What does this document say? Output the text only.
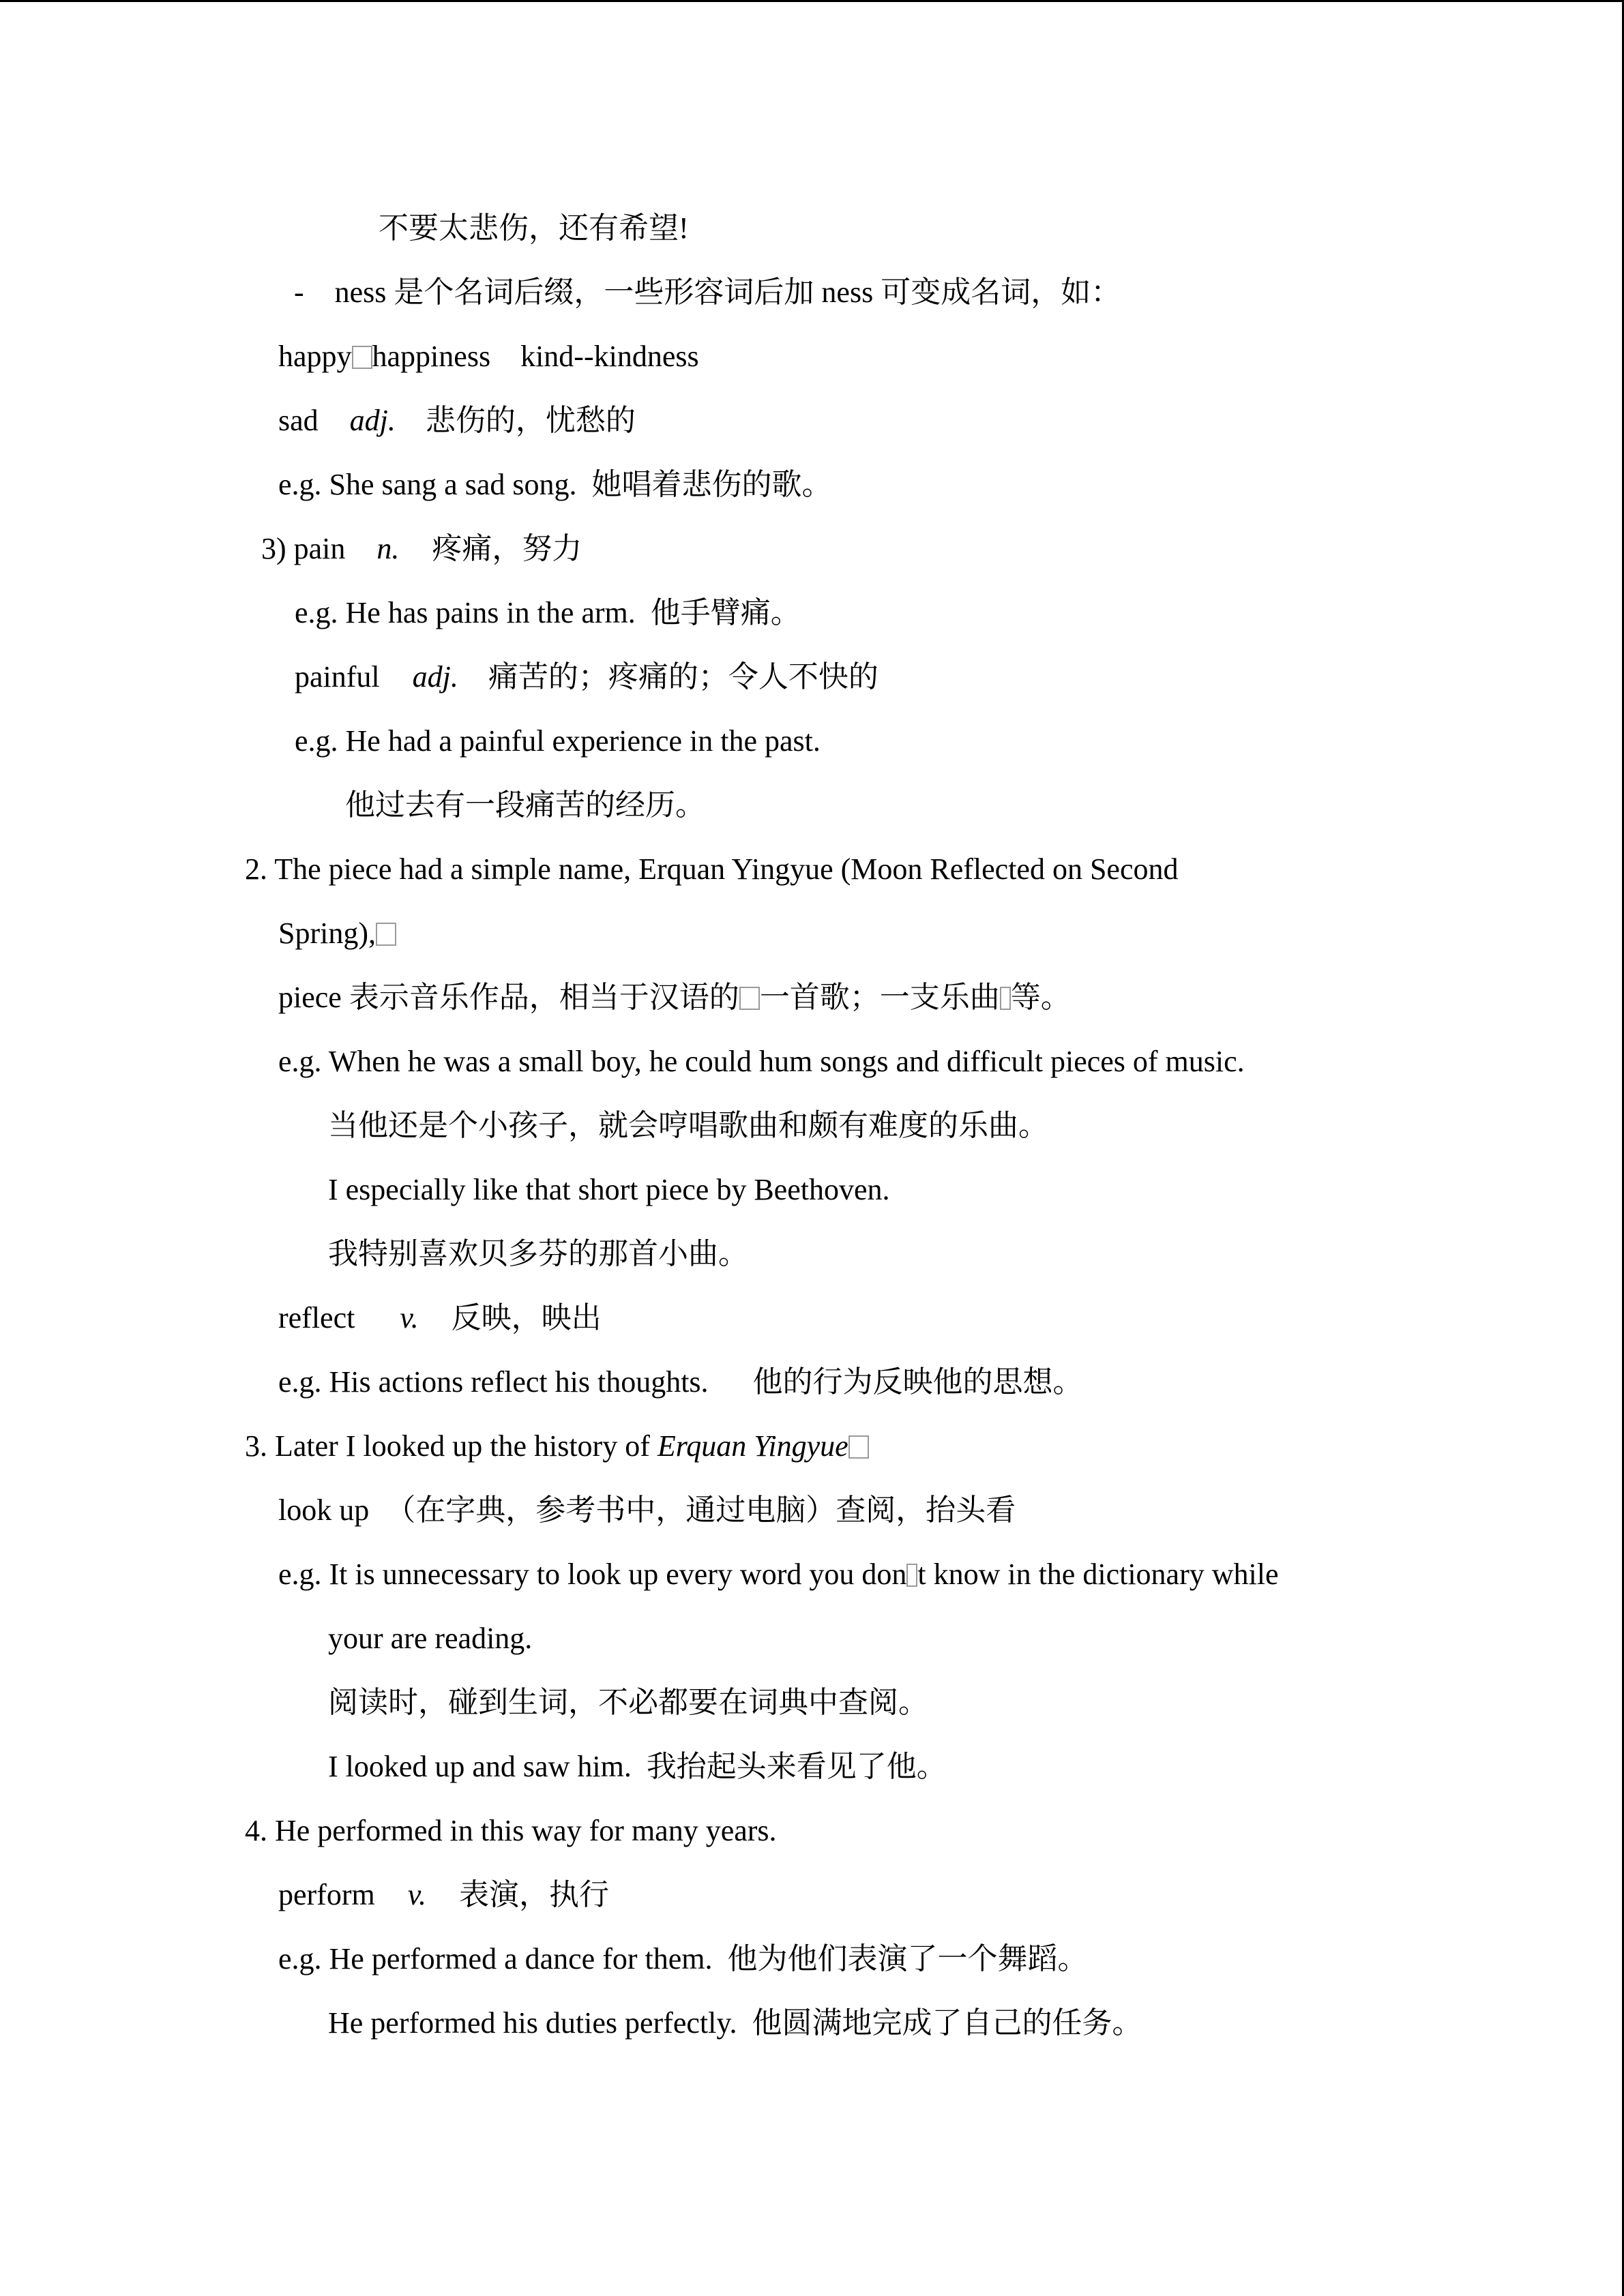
不要太悲伤，还有希望!
- ness 是个名词后缀，一些形容词后加 ness 可变成名词，如：
happy happiness kind--kindness
sad adj. 悲伤的，忧愁的
e.g. She sang a sad song.  她唱着悲伤的歌。
3) pain n. 疼痛，努力
e.g. He has pains in the arm.  他手臂痛。
painful adj. 痛苦的；疼痛的；令人不快的
e.g. He had a painful experience in the past.
他过去有一段痛苦的经历。
2. The piece had a simple name, Erquan Yingyue (Moon Reflected on Second
Spring),
piece 表示音乐作品，相当于汉语的 一首歌；一支乐曲 等。
e.g. When he was a small boy, he could hum songs and difficult pieces of music.
当他还是个小孩子，就会哼唱歌曲和颇有难度的乐曲。
I especially like that short piece by Beethoven.
我特别喜欢贝多芬的那首小曲。
reflect v. 反映，映出
e.g. His actions reflect his thoughts. 他的行为反映他的思想。
3. Later I looked up the history of Erquan Yingyue
look up （在字典，参考书中，通过电脑）查阅，抬头看
e.g. It is unnecessary to look up every word you don t know in the dictionary while
your are reading.
阅读时，碰到生词，不必都要在词典中查阅。
I looked up and saw him.  我抬起头来看见了他。
4. He performed in this way for many years.
perform v. 表演，执行
e.g. He performed a dance for them.  他为他们表演了一个舞蹈。
He performed his duties perfectly.  他圆满地完成了自己的任务。
